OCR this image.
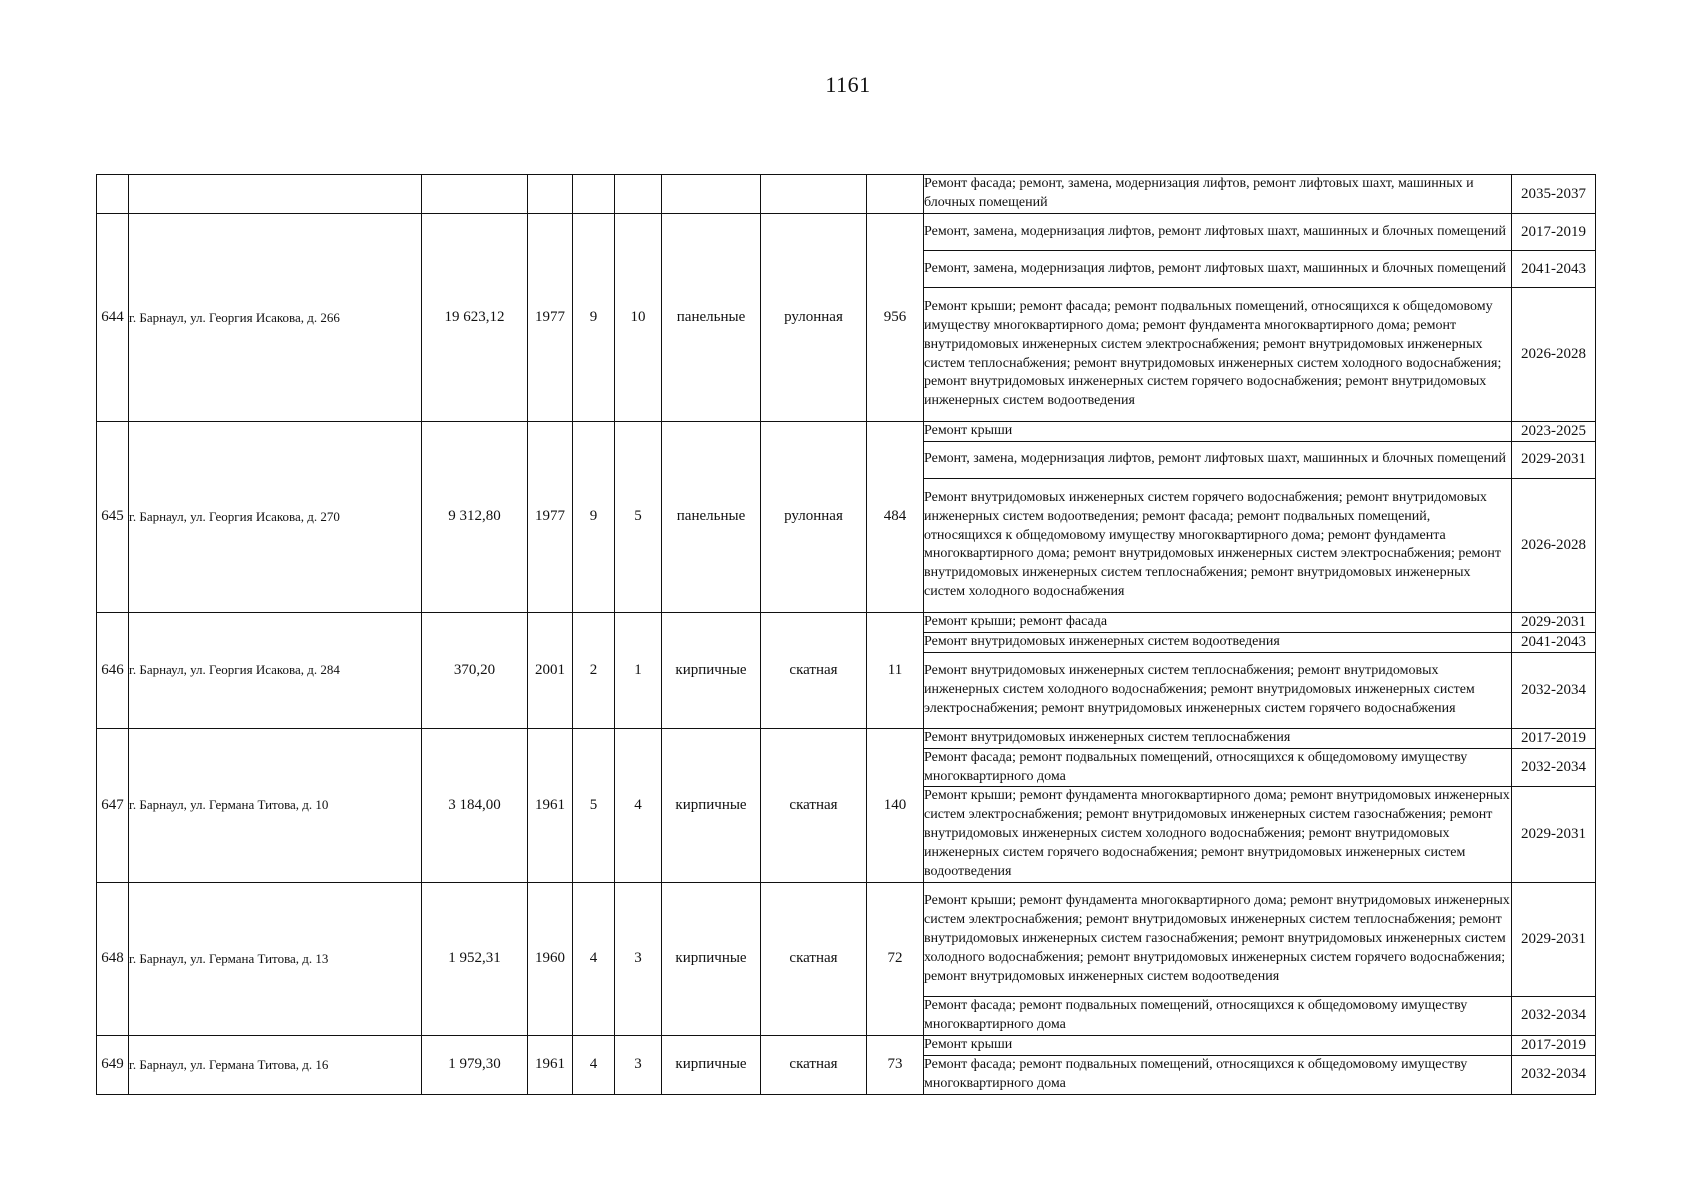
1161
									Ремонт фасада; ремонт, замена, модернизация лифтов, ремонт лифтовых шахт, машинных и блочных помещений	2035-2037
644	г. Барнаул, ул. Георгия Исакова, д. 266	19 623,12	1977	9	10	панельные	рулонная	956	Ремонт, замена, модернизация лифтов, ремонт лифтовых шахт, машинных и блочных помещений	2017-2019
									Ремонт, замена, модернизация лифтов, ремонт лифтовых шахт, машинных и блочных помещений	2041-2043
									Ремонт крыши; ремонт фасада; ремонт подвальных помещений, относящихся к общедомовому имуществу многоквартирного дома; ремонт фундамента многоквартирного дома; ремонт внутридомовых инженерных систем электроснабжения; ремонт внутридомовых инженерных систем теплоснабжения; ремонт внутридомовых инженерных систем холодного водоснабжения; ремонт внутридомовых инженерных систем горячего водоснабжения; ремонт внутридомовых инженерных систем водоотведения	2026-2028
645	г. Барнаул, ул. Георгия Исакова, д. 270	9 312,80	1977	9	5	панельные	рулонная	484	Ремонт крыши	2023-2025
									Ремонт, замена, модернизация лифтов, ремонт лифтовых шахт, машинных и блочных помещений	2029-2031
									Ремонт внутридомовых инженерных систем горячего водоснабжения; ремонт внутридомовых инженерных систем водоотведения; ремонт фасада; ремонт подвальных помещений, относящихся к общедомовому имуществу многоквартирного дома; ремонт фундамента многоквартирного дома; ремонт внутридомовых инженерных систем электроснабжения; ремонт внутридомовых инженерных систем теплоснабжения; ремонт внутридомовых инженерных систем холодного водоснабжения	2026-2028
646	г. Барнаул, ул. Георгия Исакова, д. 284	370,20	2001	2	1	кирпичные	скатная	11	Ремонт крыши; ремонт фасада	2029-2031
									Ремонт внутридомовых инженерных систем водоотведения	2041-2043
									Ремонт внутридомовых инженерных систем теплоснабжения; ремонт внутридомовых инженерных систем холодного водоснабжения; ремонт внутридомовых инженерных систем электроснабжения; ремонт внутридомовых инженерных систем горячего водоснабжения	2032-2034
647	г. Барнаул, ул. Германа Титова, д. 10	3 184,00	1961	5	4	кирпичные	скатная	140	Ремонт внутридомовых инженерных систем теплоснабжения	2017-2019
									Ремонт фасада; ремонт подвальных помещений, относящихся к общедомовому имуществу многоквартирного дома	2032-2034
									Ремонт крыши; ремонт фундамента многоквартирного дома; ремонт внутридомовых инженерных систем электроснабжения; ремонт внутридомовых инженерных систем газоснабжения; ремонт внутридомовых инженерных систем холодного водоснабжения; ремонт внутридомовых инженерных систем горячего водоснабжения; ремонт внутридомовых инженерных систем водоотведения	2029-2031
648	г. Барнаул, ул. Германа Титова, д. 13	1 952,31	1960	4	3	кирпичные	скатная	72	Ремонт крыши; ремонт фундамента многоквартирного дома; ремонт внутридомовых инженерных систем электроснабжения; ремонт внутридомовых инженерных систем теплоснабжения; ремонт внутридомовых инженерных систем газоснабжения; ремонт внутридомовых инженерных систем холодного водоснабжения; ремонт внутридомовых инженерных систем горячего водоснабжения; ремонт внутридомовых инженерных систем водоотведения	2029-2031
									Ремонт фасада; ремонт подвальных помещений, относящихся к общедомовому имуществу многоквартирного дома	2032-2034
649	г. Барнаул, ул. Германа Титова, д. 16	1 979,30	1961	4	3	кирпичные	скатная	73	Ремонт крыши	2017-2019
									Ремонт фасада; ремонт подвальных помещений, относящихся к общедомовому имуществу многоквартирного дома	2032-2034
